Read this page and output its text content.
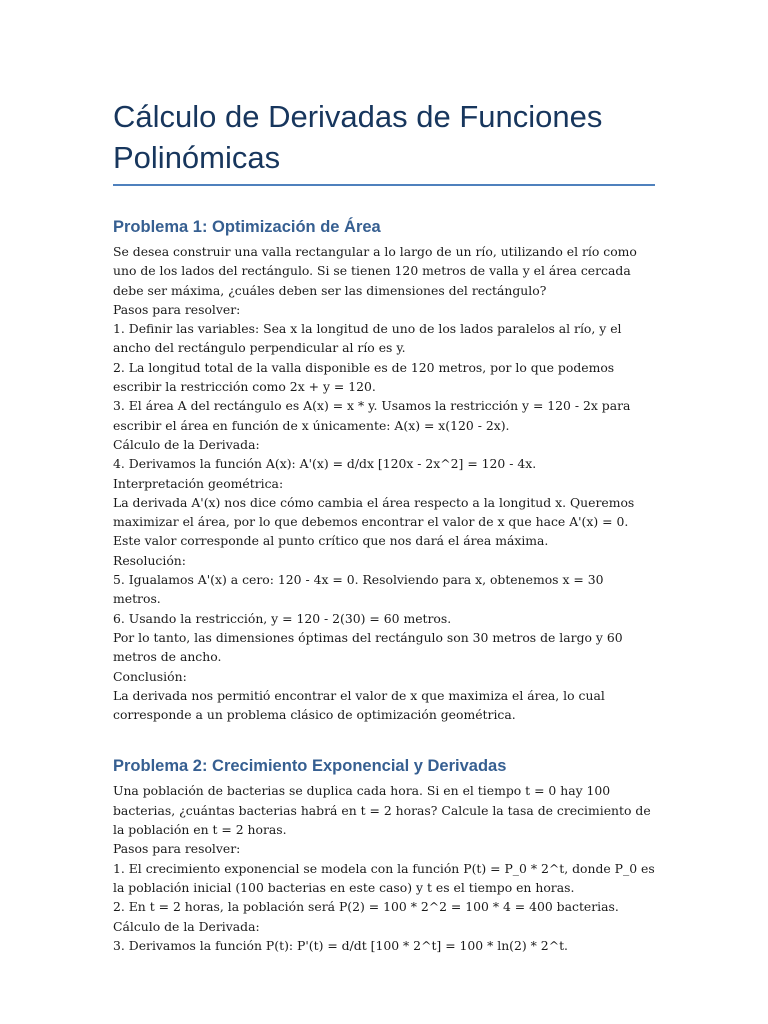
Cálculo de Derivadas de Funciones Polinómicas
Problema 1: Optimización de Área

Se desea construir una valla rectangular a lo largo de un río, utilizando el río como uno de los lados del rectángulo. Si se tienen 120 metros de valla y el área cercada debe ser máxima, ¿cuáles deben ser las dimensiones del rectángulo?

Pasos para resolver:

1. Definir las variables: Sea x la longitud de uno de los lados paralelos al río, y el ancho del rectángulo perpendicular al río es y.

2. La longitud total de la valla disponible es de 120 metros, por lo que podemos escribir la restricción como 2x + y = 120.

3. El área A del rectángulo es A(x) = x * y. Usamos la restricción y = 120 - 2x para escribir el área en función de x únicamente: A(x) = x(120 - 2x).

Cálculo de la Derivada:

4. Derivamos la función A(x): A'(x) = d/dx [120x - 2x^2] = 120 - 4x.

Interpretación geométrica:

La derivada A'(x) nos dice cómo cambia el área respecto a la longitud x. Queremos maximizar el área, por lo que debemos encontrar el valor de x que hace A'(x) = 0. Este valor corresponde al punto crítico que nos dará el área máxima.

Resolución:

5. Igualamos A'(x) a cero: 120 - 4x = 0. Resolviendo para x, obtenemos x = 30 metros.

6. Usando la restricción, y = 120 - 2(30) = 60 metros.

Por lo tanto, las dimensiones óptimas del rectángulo son 30 metros de largo y 60 metros de ancho.

Conclusión:

La derivada nos permitió encontrar el valor de x que maximiza el área, lo cual corresponde a un problema clásico de optimización geométrica.

Problema 2: Crecimiento Exponencial y Derivadas

Una población de bacterias se duplica cada hora. Si en el tiempo t = 0 hay 100 bacterias, ¿cuántas bacterias habrá en t = 2 horas? Calcule la tasa de crecimiento de la población en t = 2 horas.

Pasos para resolver:

1. El crecimiento exponencial se modela con la función P(t) = P_0 * 2^t, donde P_0 es la población inicial (100 bacterias en este caso) y t es el tiempo en horas.

2. En t = 2 horas, la población será P(2) = 100 * 2^2 = 100 * 4 = 400 bacterias.

Cálculo de la Derivada:

3. Derivamos la función P(t): P'(t) = d/dt [100 * 2^t] = 100 * ln(2) * 2^t.
